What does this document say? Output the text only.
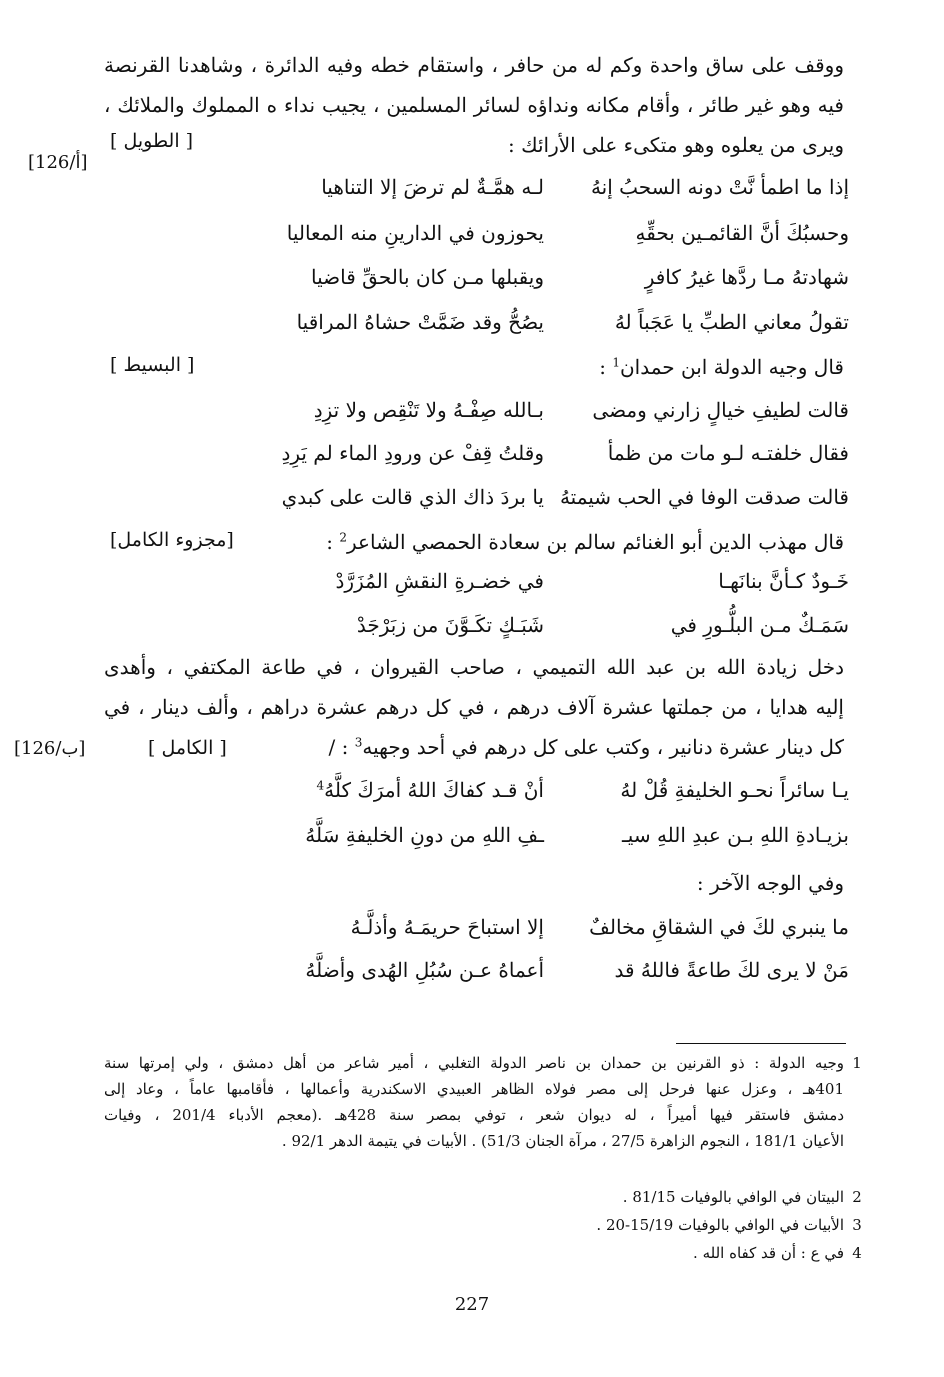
ووقف على ساق واحدة وكم له من حافر ، واستقام خطه وفيه الدائرة ، وشاهدنا القرنصة
فيه وهو غير طائر ، وأقام مكانه ونداؤه لسائر المسلمين ، يجيب نداء ه المملوك والملائك ،
ويرى من يعلوه وهو متكىء على الأرائك :
[ الطويل ]
[126/أ]
إذا ما اطمأ نَّتْ دونه السحبُ إنهُ
لـه همَّـةٌ لم ترضَ إلا التناهيا
وحسبُكَ أنَّ القائمـين بحقِّهِ
يحوزون في الدارينِ منه المعاليا
شهادتهُ مـا ردَّها غيرُ كافرٍ
ويقبلها مـن كان بالحقِّ قاضيا
تقولُ معاني الطبِّ يا عَجَباً لهُ
يصُحُّ وقد ضَمَّتْ حشاهُ المراقيا
قال وجيه الدولة ابن حمدان$^1$ :
[ البسيط ]
قالت لطيفِ خيالٍ زارني ومضى
بـالله صِفْـهُ ولا تَنْقِص ولا تزِدِ
فقال خلفتـه لـو مات من ظمأ
وقلتُ قِفْ عن ورودِ الماء لم يَرِدِ
قالت صدقت الوفا في الحب شيمتهُ
يا بردَ ذاك الذي قالت على كبدي
قال مهذب الدين أبو الغنائم سالم بن سعادة الحمصي الشاعر$^2$ :
[مجزوء الكامل]
خَـودٌ كـأنَّ بنانَهـا
في خضـرةِ النقشِ المُزَرَّدْ
سَمَـكٌ مـن البلُّـورِ في
شَبَـكٍ تكَـوَّنَ من زبَرْجَدْ
دخل زيادة الله بن عبد الله التميمي ، صاحب القيروان ، في طاعة المكتفي ، وأهدى
إليه هدايا ، من جملتها عشرة آلاف درهم ، في كل درهم عشرة دراهم ، وألف دينار ، في
كل دينار عشرة دنانير ، وكتب على كل درهم في أحد وجهيه$^3$ : /
[ الكامل ]
[126/ب]
يـا سائراً نحـو الخليفةِ قُلْ لهُ
أنْ قـد كفاكَ اللهُ أمرَكَ كلَّهُ$^4$
بزيـادةِ اللهِ بـن عبدِ اللهِ سيـ
ـفِ اللهِ من دونِ الخليفةِ سَلَّهُ
وفي الوجه الآخر :
ما ينبري لكَ في الشقاقِ مخالفٌ
إلا استباحَ حريمَـهُ وأذلَّـهُ
مَنْ لا يرى لكَ طاعةً فاللهُ قد
أعماهُ عـن سُبُلِ الهُدى وأضلَّهُ
1
وجيه الدولة : ذو القرنين بن حمدان بن ناصر الدولة التغلبي ، أمير شاعر من أهل دمشق ، ولي إمرتها سنة
401هـ ، وعزل عنها فرحل إلى مصر فولاه الظاهر العبيدي الاسكندرية وأعمالها ، فأقامبها عاماً ، وعاد إلى
دمشق فاستقر فيها أميراً ، له ديوان شعر ، توفي بمصر سنة 428هـ .(معجم الأدباء 201/4 ، وفيات
الأعيان 181/1 ، النجوم الزاهرة 27/5 ، مرآة الجنان 51/3) . الأبيات في يتيمة الدهر 92/1 .
2
البيتان في الوافي بالوفيات 81/15 .
3
الأبيات في الوافي بالوفيات 15/19-20 .
4
في ع : أن قد كفاه الله .
227
